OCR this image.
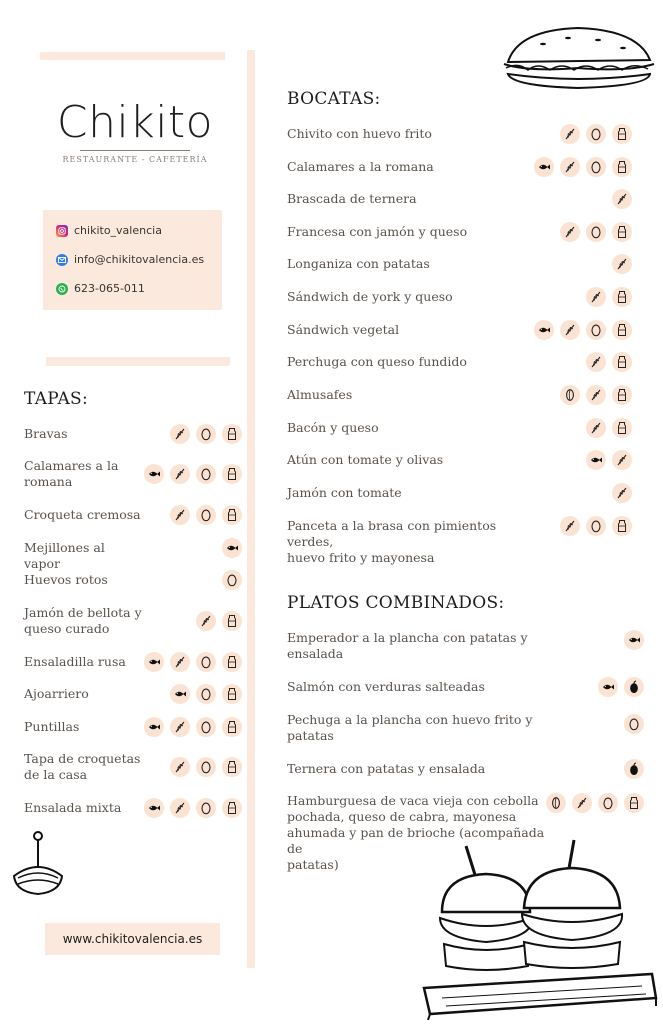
Chikito
RESTAURANTE - CAFETERÍA
chikito_valencia
info@chikitovalencia.es
623-065-011
TAPAS:
BOCATAS:
PLATOS COMBINADOS:
Bravas
Calamares a la
romana
Croqueta cremosa
Mejillones al vapor
Huevos rotos
Jamón de bellota y
queso curado
Ensaladilla rusa
Ajoarriero
Puntillas
Tapa de croquetas
de la casa
Ensalada mixta
Chivito con huevo frito
Calamares a la romana
Brascada de ternera
Francesa con jamón y queso
Longaniza con patatas
Sándwich de york y queso
Sándwich vegetal
Perchuga con queso fundido
Almusafes
Bacón y queso
Atún con tomate y olivas
Jamón con tomate
Panceta a la brasa con pimientos verdes,
huevo frito y mayonesa
Emperador a la plancha con patatas y
ensalada
Salmón con verduras salteadas
Pechuga a la plancha con huevo frito y
patatas
Ternera con patatas y ensalada
Hamburguesa de vaca vieja con cebolla
pochada, queso de cabra, mayonesa
ahumada y pan de brioche (acompañada de
patatas)
www.chikitovalencia.es
